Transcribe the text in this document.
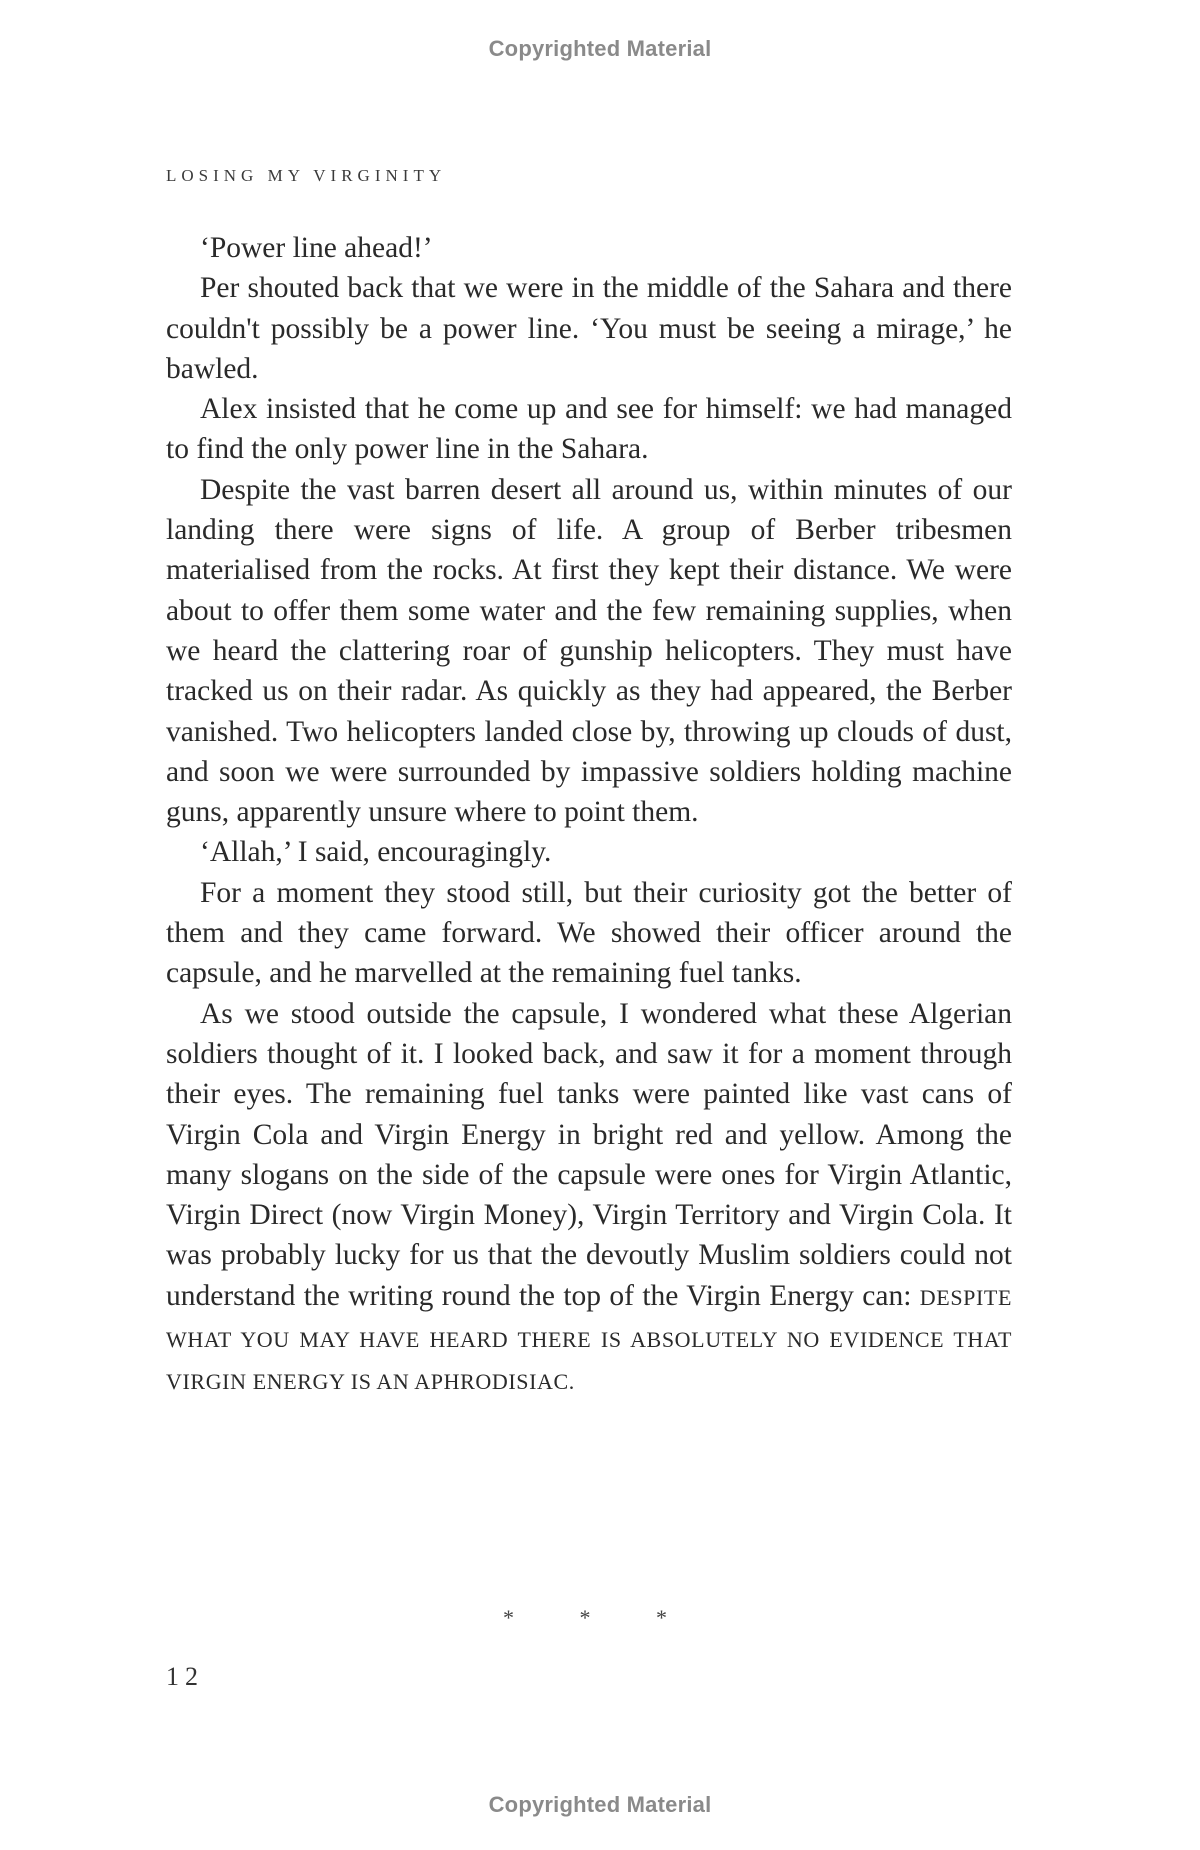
Copyrighted Material
LOSING MY VIRGINITY

‘Power line ahead!’

Per shouted back that we were in the middle of the Sahara and there couldn't possibly be a power line. ‘You must be seeing a mirage,’ he bawled.

Alex insisted that he come up and see for himself: we had managed to find the only power line in the Sahara.

Despite the vast barren desert all around us, within minutes of our landing there were signs of life. A group of Berber tribesmen materialised from the rocks. At first they kept their distance. We were about to offer them some water and the few remaining supplies, when we heard the clattering roar of gunship helicopters. They must have tracked us on their radar. As quickly as they had appeared, the Berber vanished. Two helicopters landed close by, throwing up clouds of dust, and soon we were surrounded by impassive soldiers holding machine guns, apparently unsure where to point them.

‘Allah,’ I said, encouragingly.

For a moment they stood still, but their curiosity got the better of them and they came forward. We showed their officer around the capsule, and he marvelled at the remaining fuel tanks.

As we stood outside the capsule, I wondered what these Algerian soldiers thought of it. I looked back, and saw it for a moment through their eyes. The remaining fuel tanks were painted like vast cans of Virgin Cola and Virgin Energy in bright red and yellow. Among the many slogans on the side of the capsule were ones for Virgin Atlantic, Virgin Direct (now Virgin Money), Virgin Territory and Virgin Cola. It was probably lucky for us that the devoutly Muslim soldiers could not understand the writing round the top of the Virgin Energy can: DESPITE WHAT YOU MAY HAVE HEARD THERE IS ABSOLUTELY NO EVIDENCE THAT VIRGIN ENERGY IS AN APHRODISIAC.

* * *
12
Copyrighted Material
